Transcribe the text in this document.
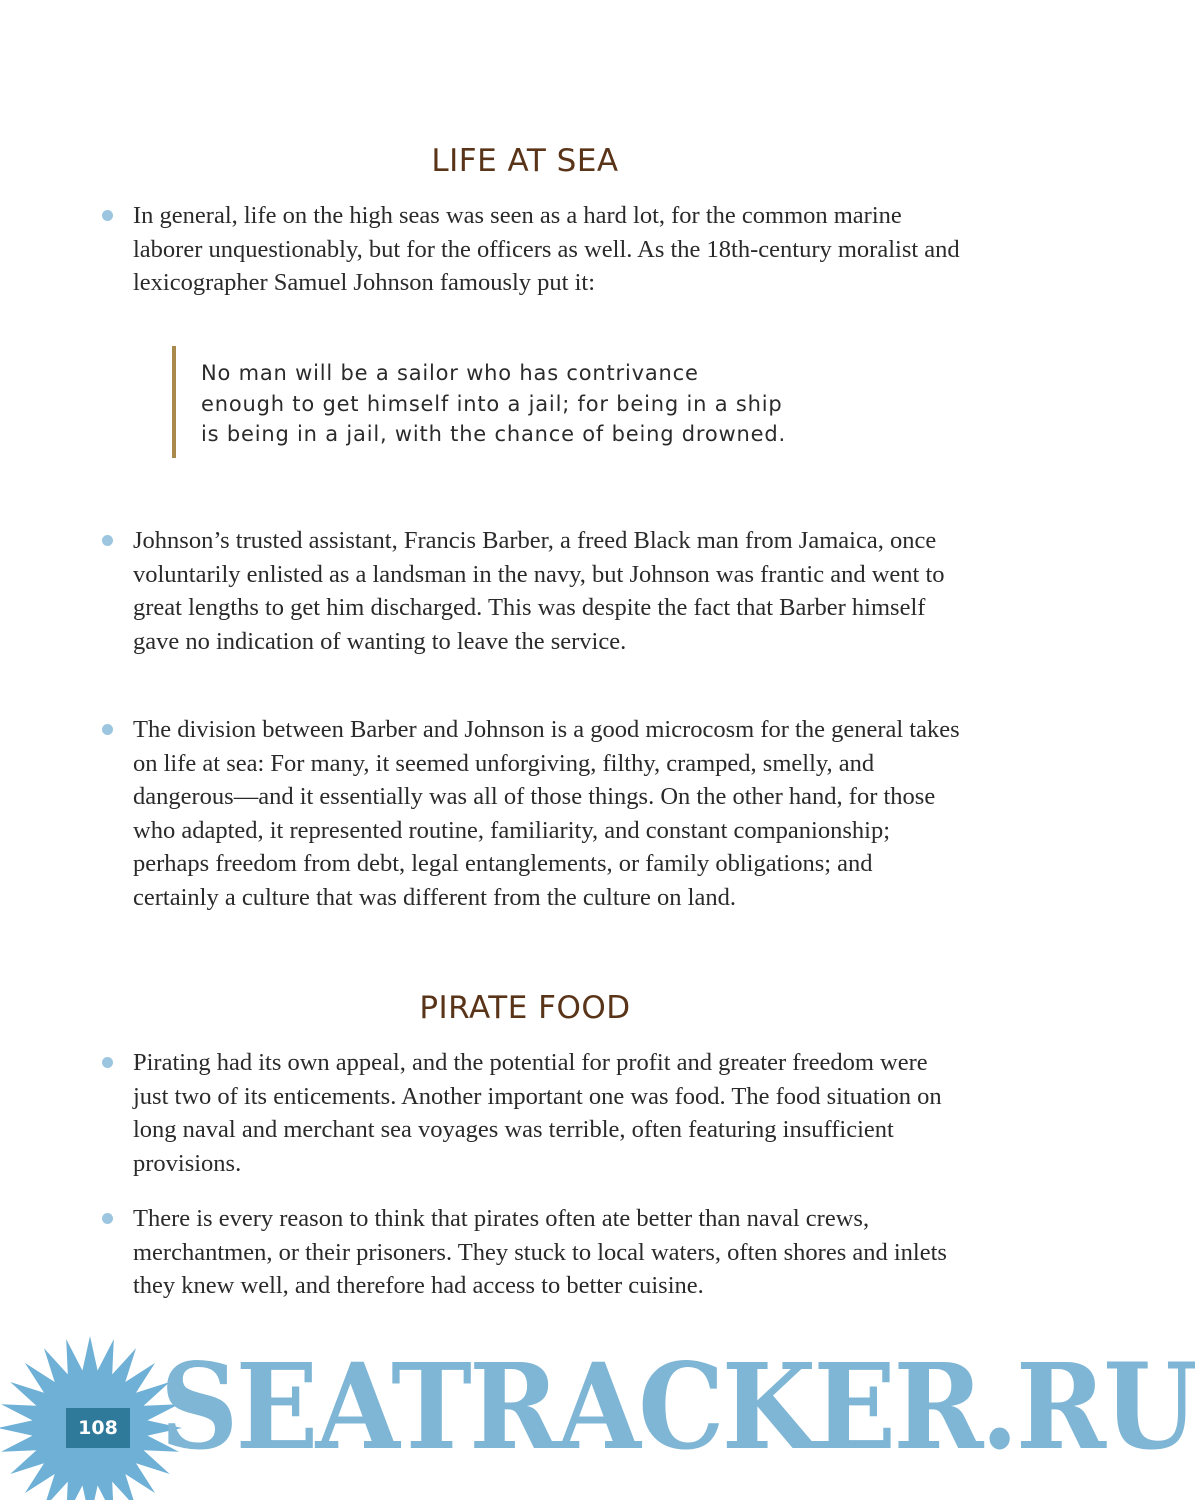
LIFE AT SEA

In general, life on the high seas was seen as a hard lot, for the common marine laborer unquestionably, but for the officers as well. As the 18th-century moralist and lexicographer Samuel Johnson famously put it:

No man will be a sailor who has contrivance
enough to get himself into a jail; for being in a ship
is being in a jail, with the chance of being drowned.

Johnson’s trusted assistant, Francis Barber, a freed Black man from Jamaica, once voluntarily enlisted as a landsman in the navy, but Johnson was frantic and went to great lengths to get him discharged. This was despite the fact that Barber himself gave no indication of wanting to leave the service.

The division between Barber and Johnson is a good microcosm for the general takes on life at sea: For many, it seemed unforgiving, filthy, cramped, smelly, and dangerous—and it essentially was all of those things. On the other hand, for those who adapted, it represented routine, familiarity, and constant companionship; perhaps freedom from debt, legal entanglements, or family obligations; and certainly a culture that was different from the culture on land.

PIRATE FOOD

Pirating had its own appeal, and the potential for profit and greater freedom were just two of its enticements. Another important one was food. The food situation on long naval and merchant sea voyages was terrible, often featuring insufficient provisions.

There is every reason to think that pirates often ate better than naval crews, merchantmen, or their prisoners. They stuck to local waters, often shores and inlets they knew well, and therefore had access to better cuisine.

108 SEATRACKER.RU
